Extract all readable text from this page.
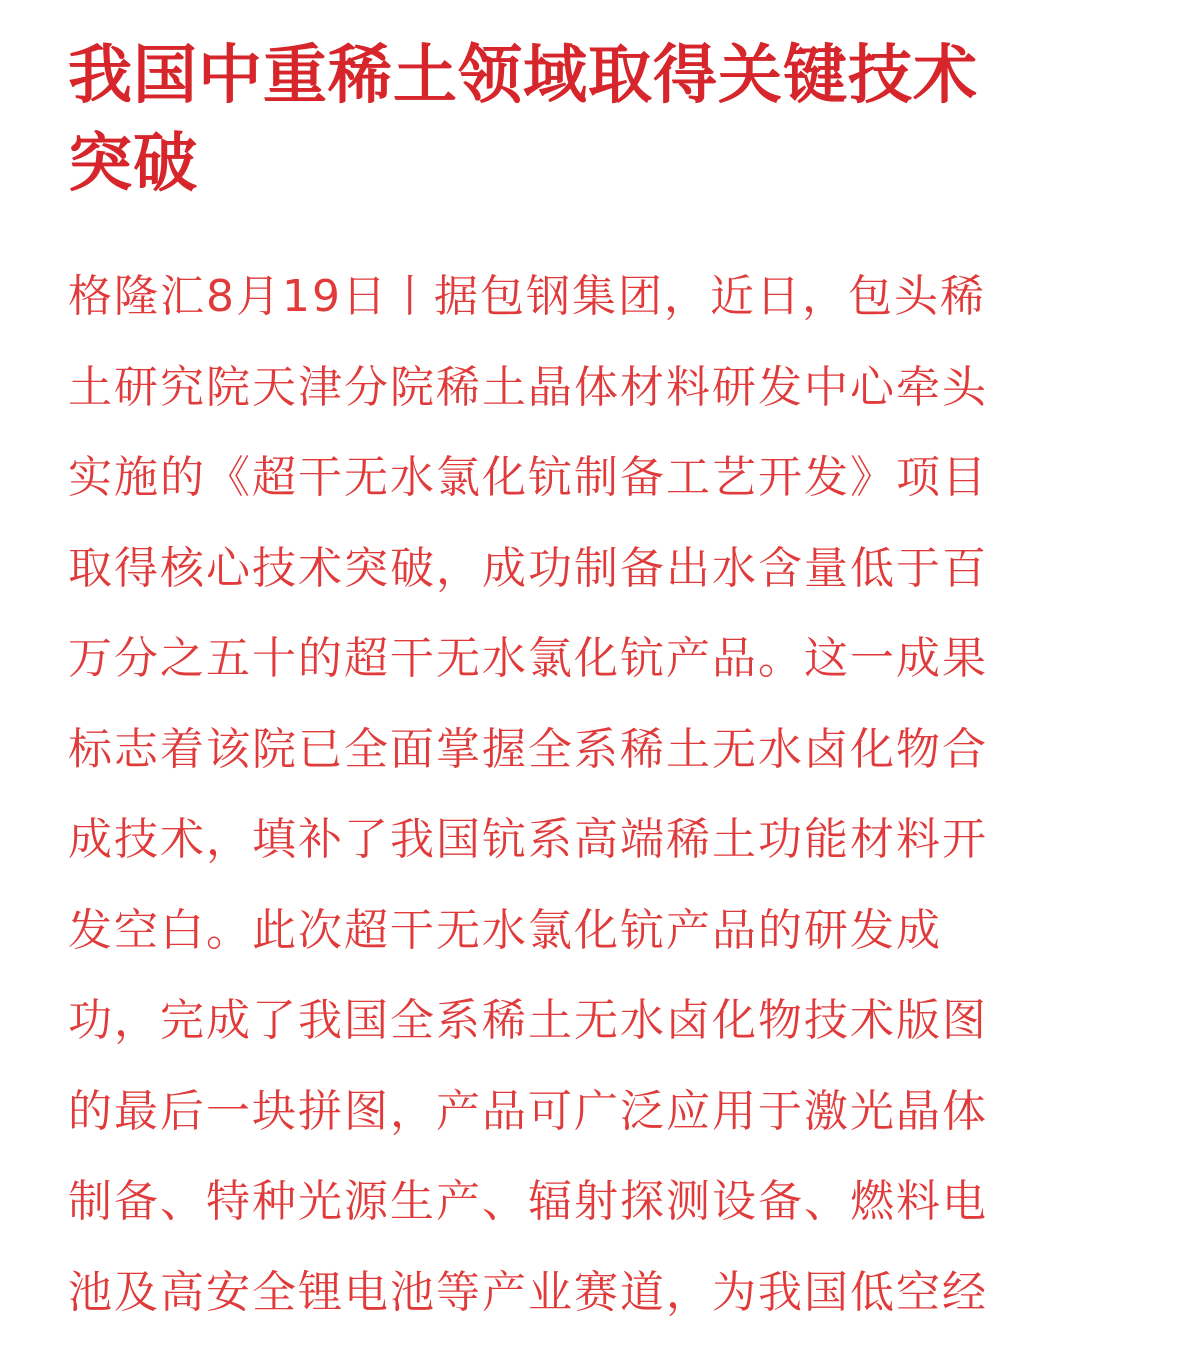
我国中重稀土领域取得关键技术
突破
格隆汇8月19日丨据包钢集团，近日，包头稀
土研究院天津分院稀土晶体材料研发中心牵头
实施的《超干无水氯化钪制备工艺开发》项目
取得核心技术突破，成功制备出水含量低于百
万分之五十的超干无水氯化钪产品。这一成果
标志着该院已全面掌握全系稀土无水卤化物合
成技术，填补了我国钪系高端稀土功能材料开
发空白。此次超干无水氯化钪产品的研发成
功，完成了我国全系稀土无水卤化物技术版图
的最后一块拼图，产品可广泛应用于激光晶体
制备、特种光源生产、辐射探测设备、燃料电
池及高安全锂电池等产业赛道，为我国低空经
